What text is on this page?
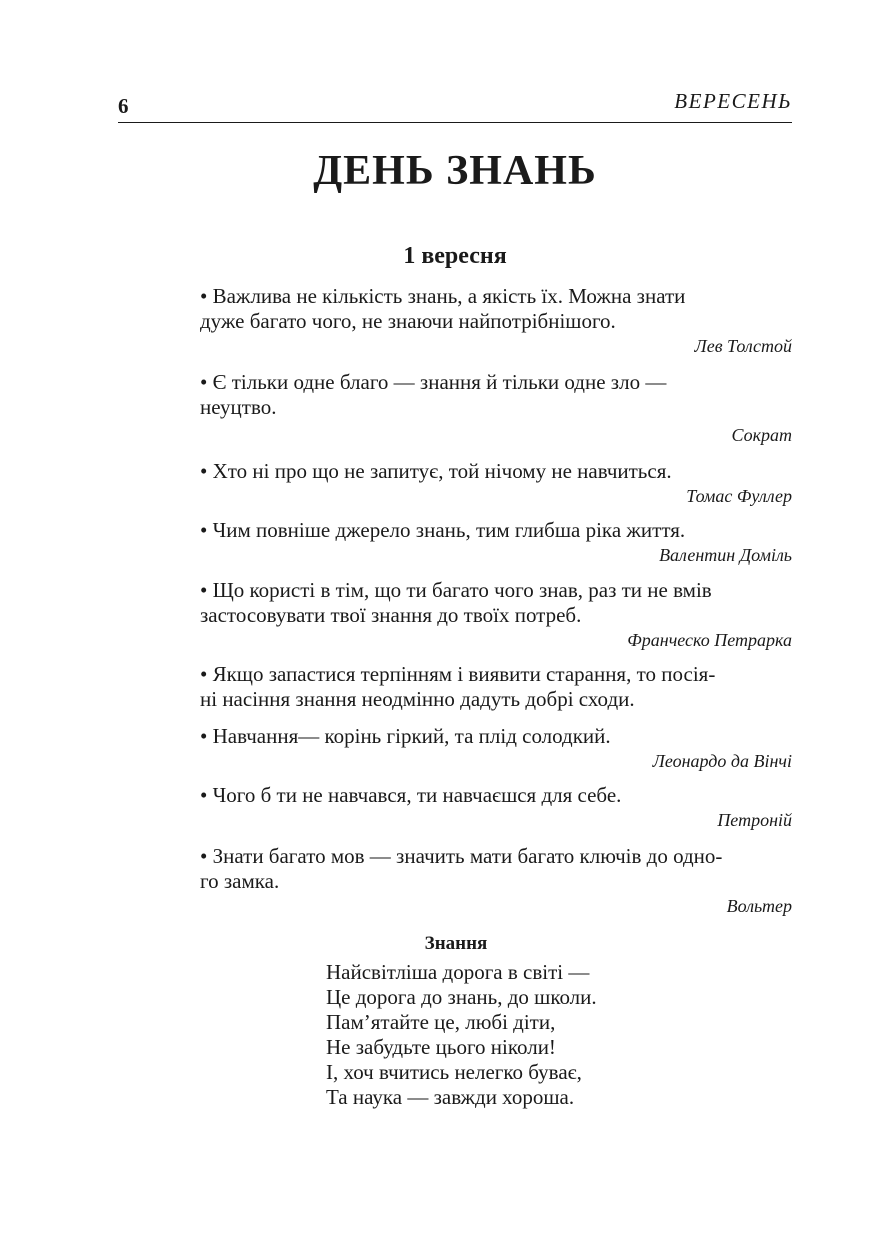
6	ВЕРЕСЕНЬ
ДЕНЬ ЗНАНЬ
1 вересня
• Важлива не кількість знань, а якість їх. Можна знати
дуже багато чого, не знаючи найпотрібнішого.
Лев Толстой
• Є тільки одне благо — знання й тільки одне зло —
неуцтво.
Сократ
• Хто ні про що не запитує, той нічому не навчиться.
Томас Фуллер
• Чим повніше джерело знань, тим глибша ріка життя.
Валентин Доміль
• Що користі в тім, що ти багато чого знав, раз ти не вмів
застосовувати твої знання до твоїх потреб.
Франческо Петрарка
• Якщо запастися терпінням і виявити старання, то посія-
ні насіння знання неодмінно дадуть добрі сходи.
• Навчання— корінь гіркий, та плід солодкий.
Леонардо да Вінчі
• Чого б ти не навчався, ти навчаєшся для себе.
Петроній
• Знати багато мов — значить мати багато ключів до одно-
го замка.
Вольтер
Знання
Найсвітліша дорога в світі —
Це дорога до знань, до школи.
Пам’ятайте це, любі діти,
Не забудьте цього ніколи!
І, хоч вчитись нелегко буває,
Та наука — завжди хороша.
